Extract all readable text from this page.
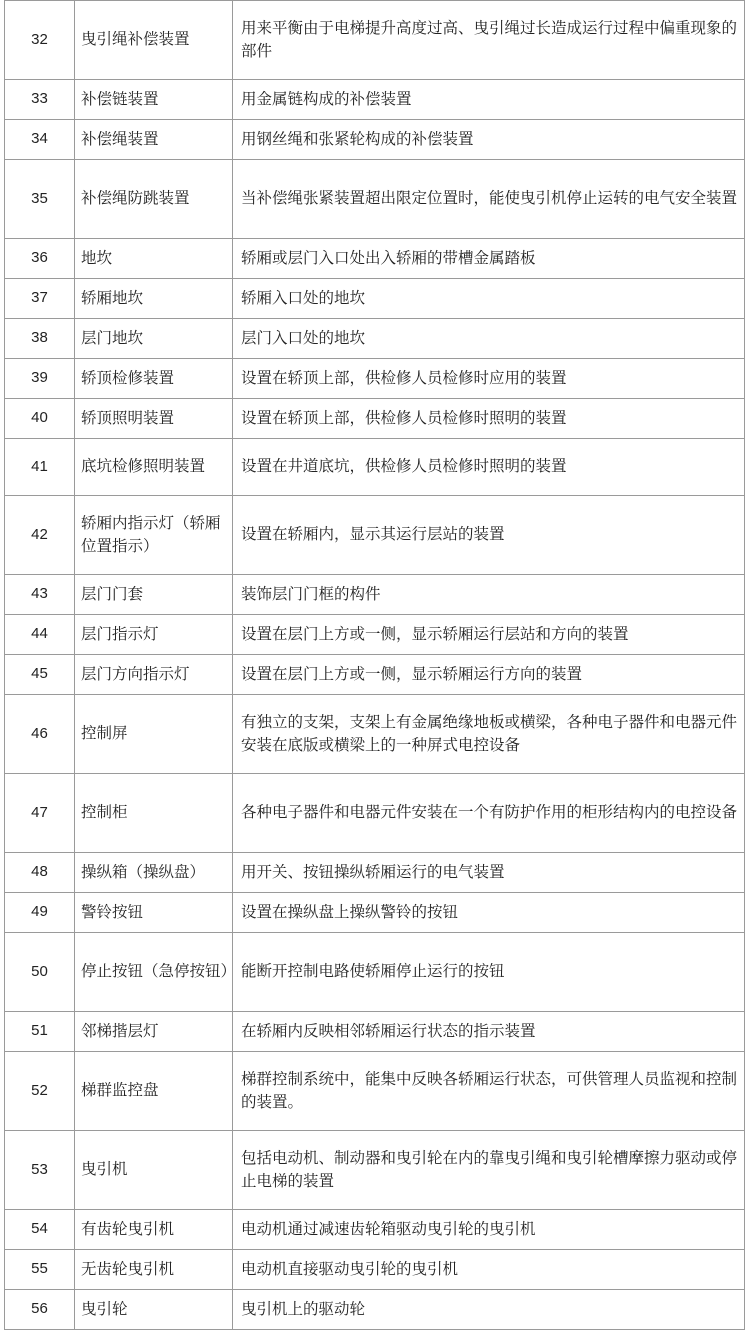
32	曳引绳补偿装置	用来平衡由于电梯提升高度过高、曳引绳过长造成运行过程中偏重现象的部件
33	补偿链装置	用金属链构成的补偿装置
34	补偿绳装置	用钢丝绳和张紧轮构成的补偿装置
35	补偿绳防跳装置	当补偿绳张紧装置超出限定位置时，能使曳引机停止运转的电气安全装置
36	地坎	轿厢或层门入口处出入轿厢的带槽金属踏板
37	轿厢地坎	轿厢入口处的地坎
38	层门地坎	层门入口处的地坎
39	轿顶检修装置	设置在轿顶上部，供检修人员检修时应用的装置
40	轿顶照明装置	设置在轿顶上部，供检修人员检修时照明的装置
41	底坑检修照明装置	设置在井道底坑，供检修人员检修时照明的装置
42	轿厢内指示灯（轿厢位置指示）	设置在轿厢内，显示其运行层站的装置
43	层门门套	装饰层门门框的构件
44	层门指示灯	设置在层门上方或一侧，显示轿厢运行层站和方向的装置
45	层门方向指示灯	设置在层门上方或一侧，显示轿厢运行方向的装置
46	控制屏	有独立的支架，支架上有金属绝缘地板或横梁，各种电子器件和电器元件安装在底版或横梁上的一种屏式电控设备
47	控制柜	各种电子器件和电器元件安装在一个有防护作用的柜形结构内的电控设备
48	操纵箱（操纵盘）	用开关、按钮操纵轿厢运行的电气装置
49	警铃按钮	设置在操纵盘上操纵警铃的按钮
50	停止按钮（急停按钮）	能断开控制电路使轿厢停止运行的按钮
51	邻梯揩层灯	在轿厢内反映相邻轿厢运行状态的指示装置
52	梯群监控盘	梯群控制系统中，能集中反映各轿厢运行状态，可供管理人员监视和控制的装置。
53	曳引机	包括电动机、制动器和曳引轮在内的靠曳引绳和曳引轮槽摩擦力驱动或停止电梯的装置
54	有齿轮曳引机	电动机通过减速齿轮箱驱动曳引轮的曳引机
55	无齿轮曳引机	电动机直接驱动曳引轮的曳引机
56	曳引轮	曳引机上的驱动轮
